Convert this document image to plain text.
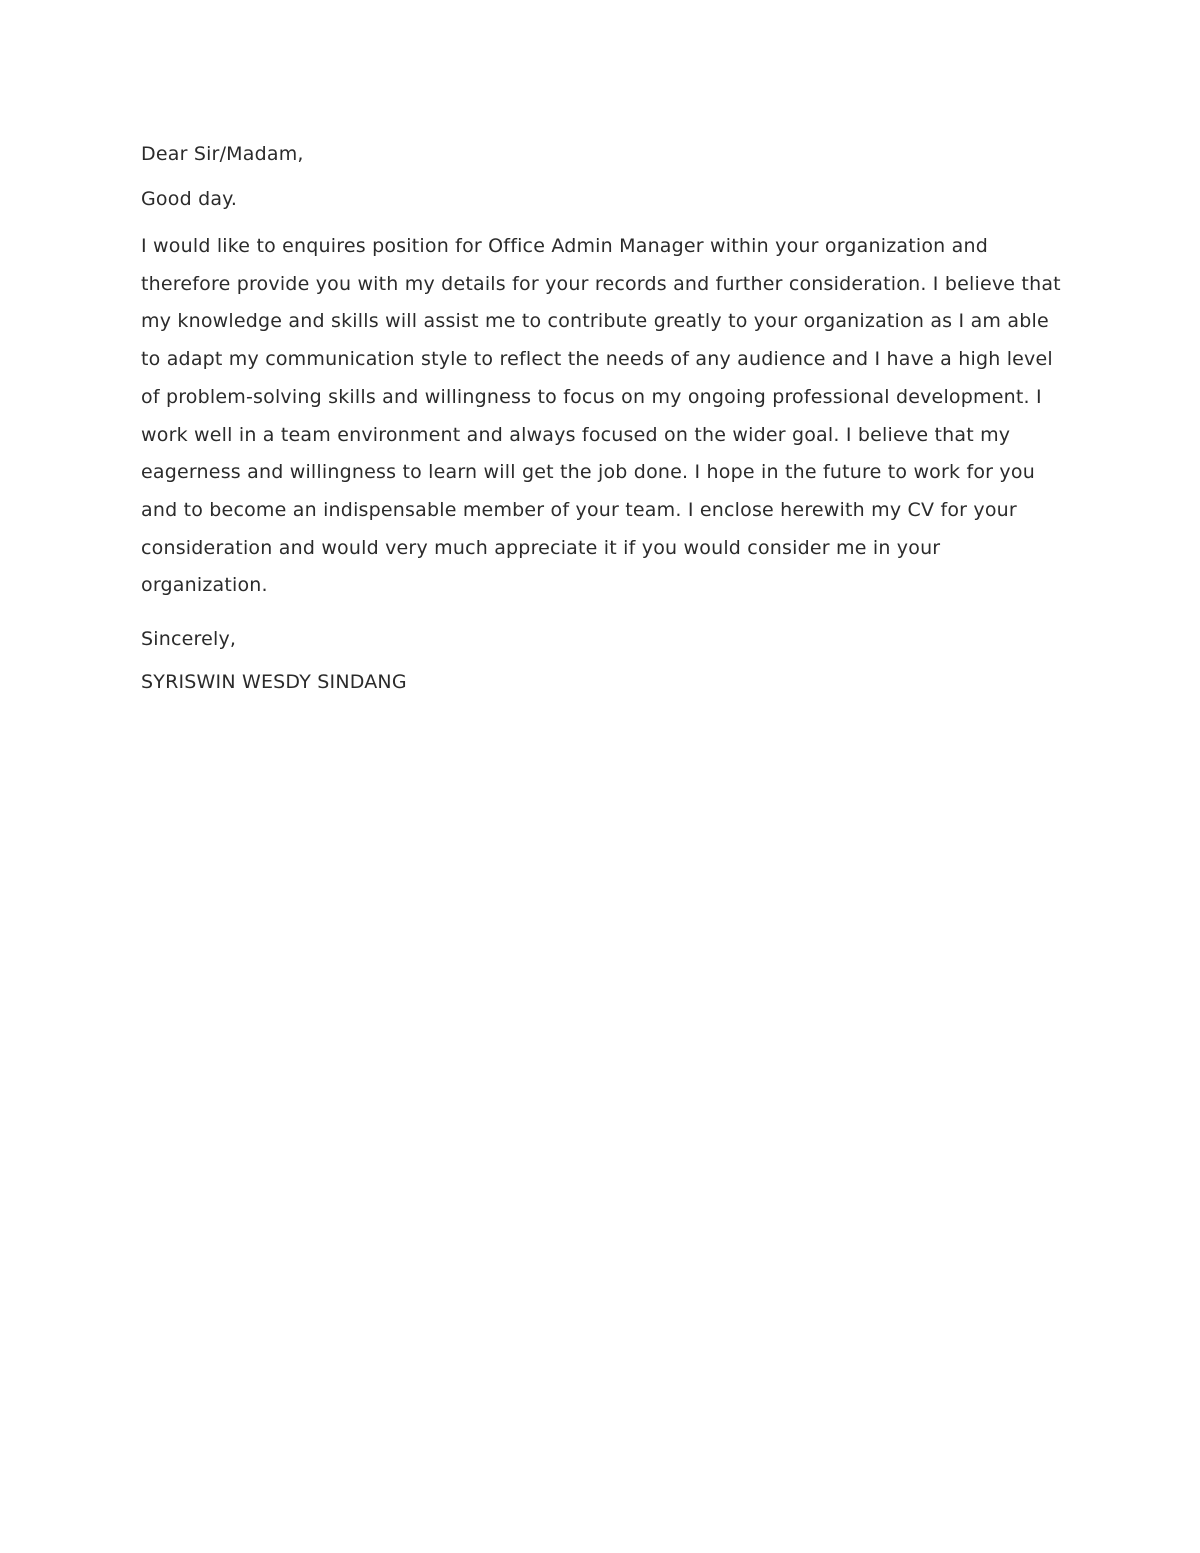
Dear Sir/Madam,

Good day.

I would like to enquires position for Office Admin Manager within your organization and therefore provide you with my details for your records and further consideration. I believe that my knowledge and skills will assist me to contribute greatly to your organization as I am able to adapt my communication style to reflect the needs of any audience and I have a high level of problem-solving skills and willingness to focus on my ongoing professional development. I work well in a team environment and always focused on the wider goal. I believe that my eagerness and willingness to learn will get the job done. I hope in the future to work for you and to become an indispensable member of your team. I enclose herewith my CV for your consideration and would very much appreciate it if you would consider me in your organization.

Sincerely,

SYRISWIN WESDY SINDANG
